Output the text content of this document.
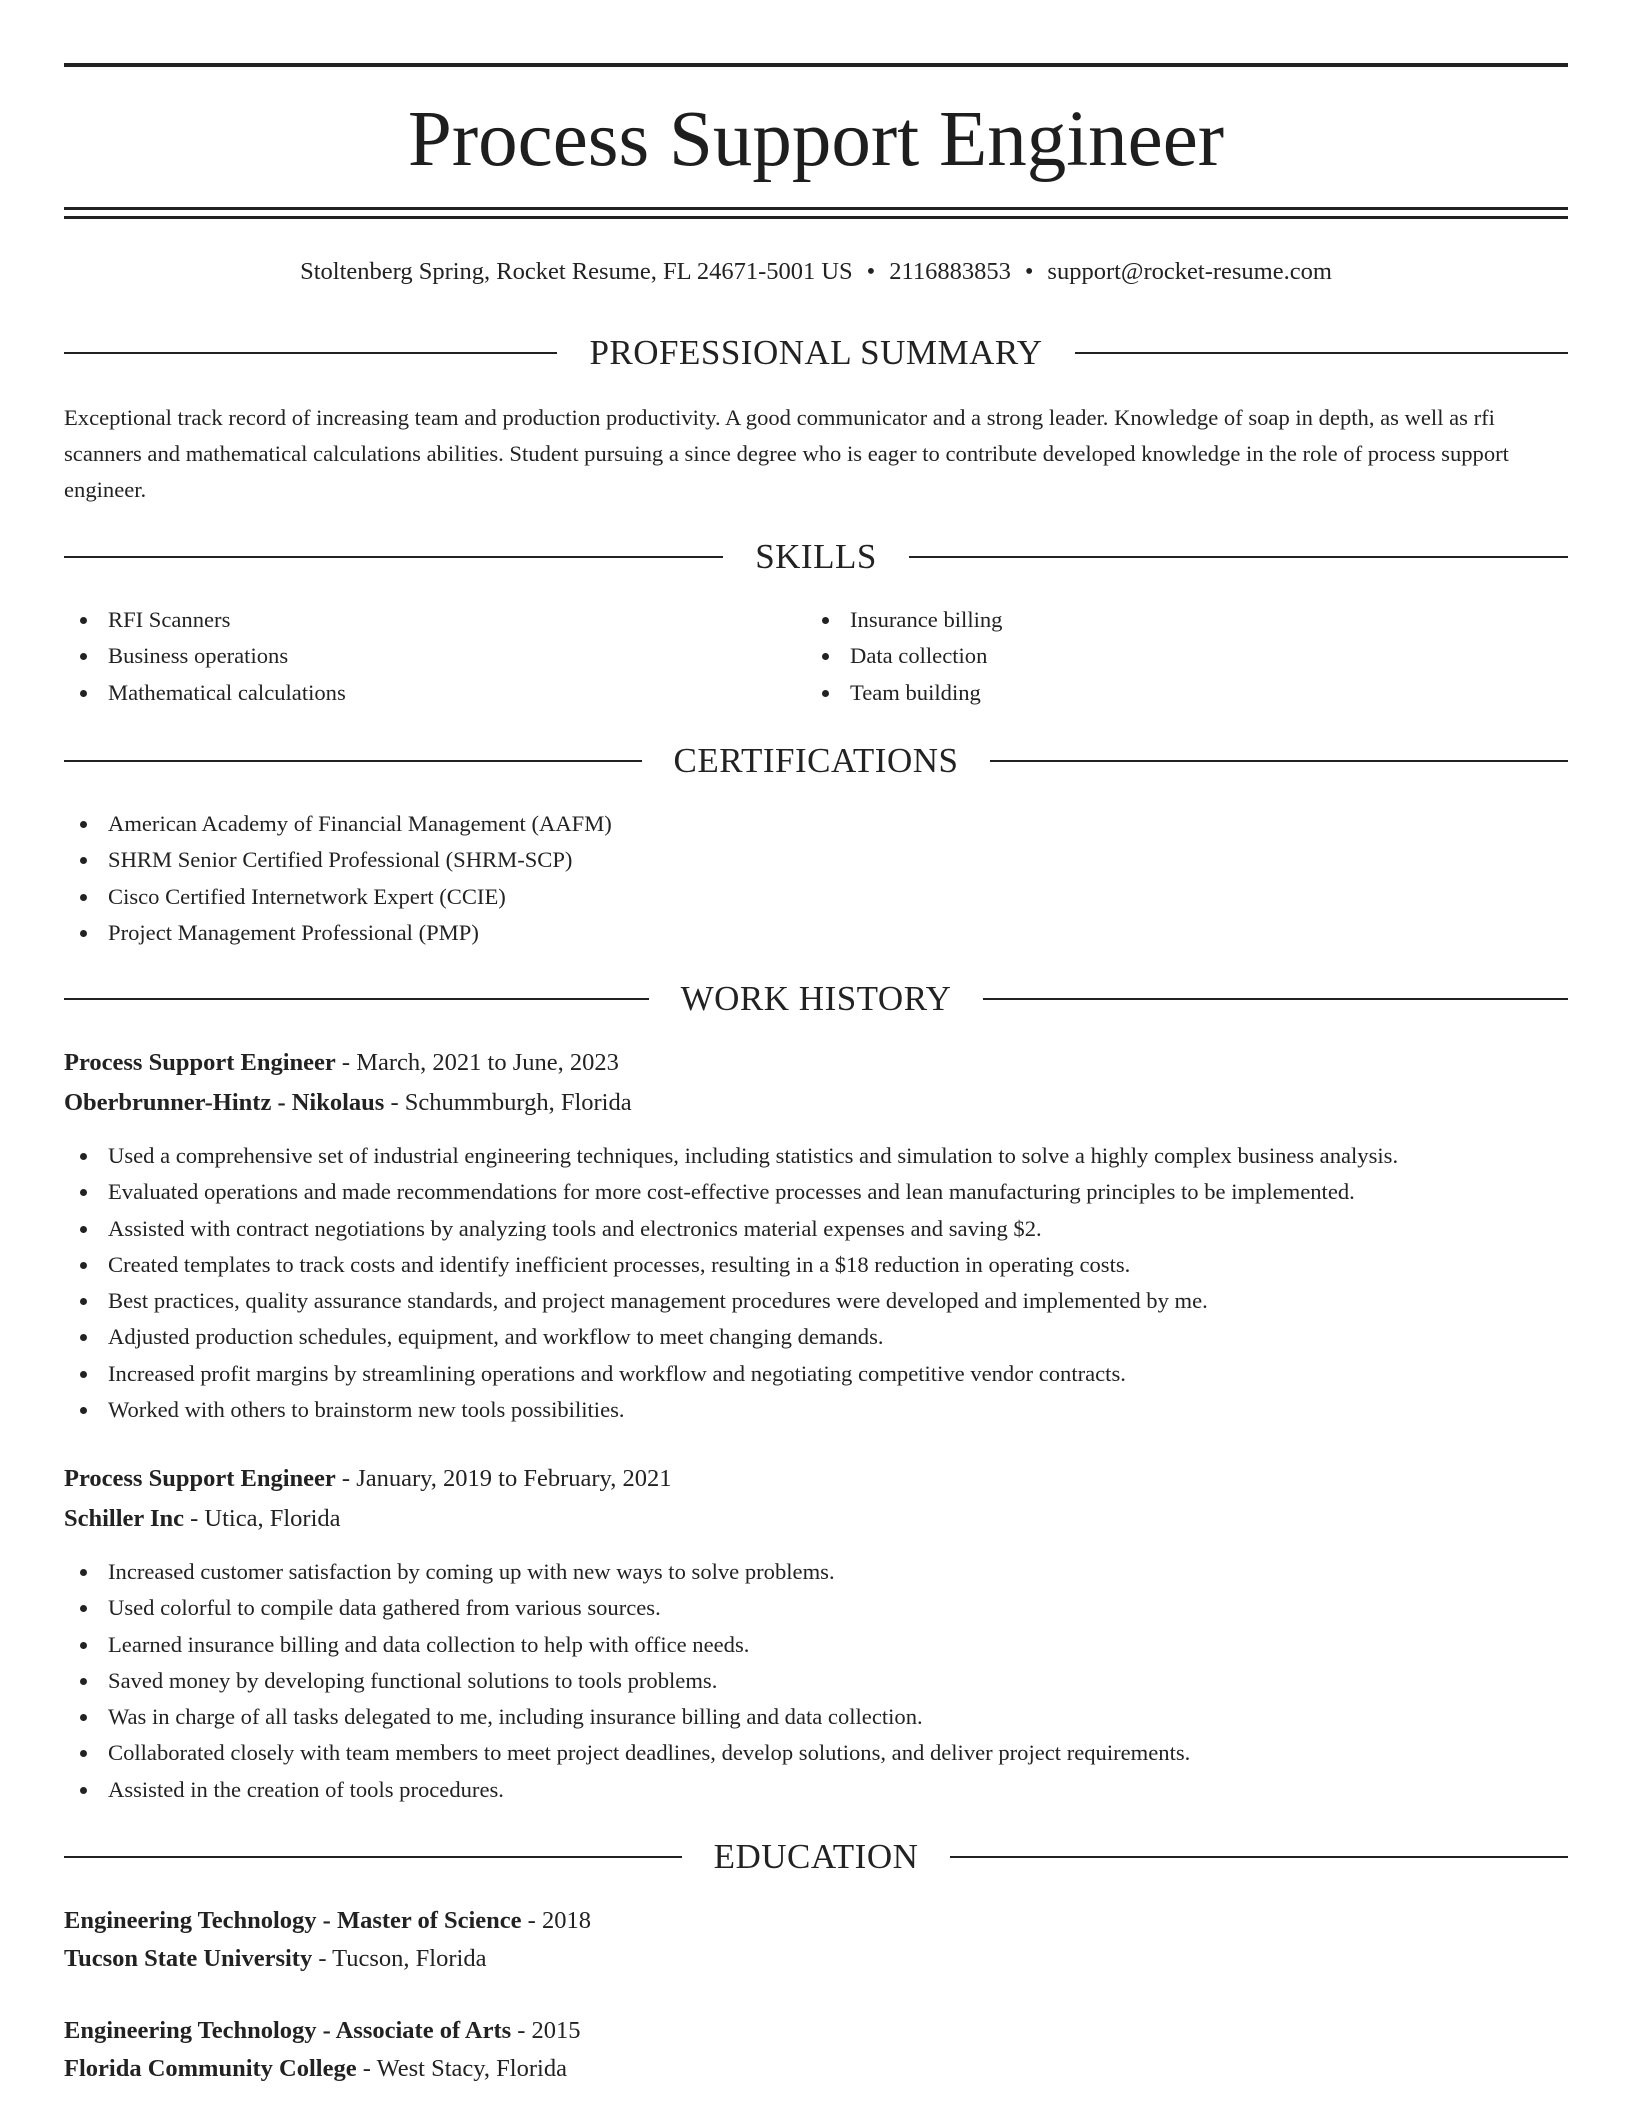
Process Support Engineer
Stoltenberg Spring, Rocket Resume, FL 24671-5001 US • 2116883853 • support@rocket-resume.com
PROFESSIONAL SUMMARY
Exceptional track record of increasing team and production productivity. A good communicator and a strong leader. Knowledge of soap in depth, as well as rfi scanners and mathematical calculations abilities. Student pursuing a since degree who is eager to contribute developed knowledge in the role of process support engineer.
SKILLS
RFI Scanners
Business operations
Mathematical calculations
Insurance billing
Data collection
Team building
CERTIFICATIONS
American Academy of Financial Management (AAFM)
SHRM Senior Certified Professional (SHRM-SCP)
Cisco Certified Internetwork Expert (CCIE)
Project Management Professional (PMP)
WORK HISTORY
Process Support Engineer - March, 2021 to June, 2023
Oberbrunner-Hintz - Nikolaus - Schummburgh, Florida
Used a comprehensive set of industrial engineering techniques, including statistics and simulation to solve a highly complex business analysis.
Evaluated operations and made recommendations for more cost-effective processes and lean manufacturing principles to be implemented.
Assisted with contract negotiations by analyzing tools and electronics material expenses and saving $2.
Created templates to track costs and identify inefficient processes, resulting in a $18 reduction in operating costs.
Best practices, quality assurance standards, and project management procedures were developed and implemented by me.
Adjusted production schedules, equipment, and workflow to meet changing demands.
Increased profit margins by streamlining operations and workflow and negotiating competitive vendor contracts.
Worked with others to brainstorm new tools possibilities.
Process Support Engineer - January, 2019 to February, 2021
Schiller Inc - Utica, Florida
Increased customer satisfaction by coming up with new ways to solve problems.
Used colorful to compile data gathered from various sources.
Learned insurance billing and data collection to help with office needs.
Saved money by developing functional solutions to tools problems.
Was in charge of all tasks delegated to me, including insurance billing and data collection.
Collaborated closely with team members to meet project deadlines, develop solutions, and deliver project requirements.
Assisted in the creation of tools procedures.
EDUCATION
Engineering Technology - Master of Science - 2018
Tucson State University - Tucson, Florida
Engineering Technology - Associate of Arts - 2015
Florida Community College - West Stacy, Florida
